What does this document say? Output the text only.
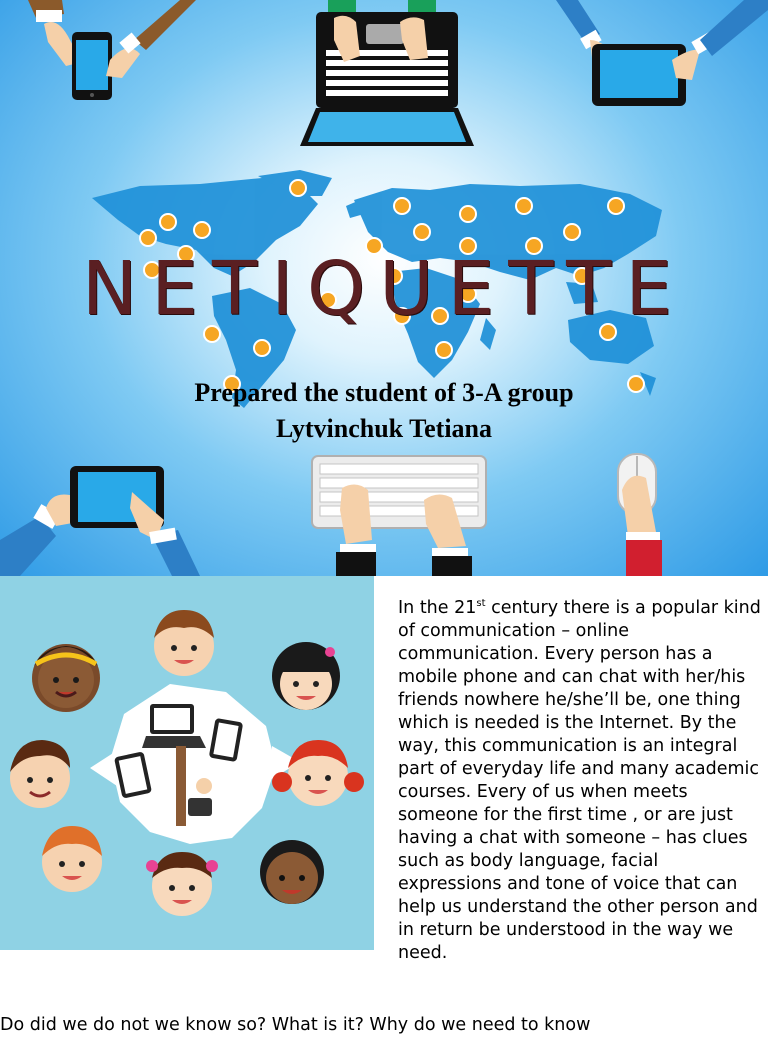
NETIQUETTE
Prepared the student of 3-A group
Lytvinchuk Tetiana

In the 21st century there is a popular kind of communication – online communication. Every person has a mobile phone and can chat with her/his friends nowhere he/she’ll be, one thing which is needed is the Internet. By the way, this communication is an integral part of everyday life and many academic courses. Every of us when meets someone for the first time , or are just having a chat with someone – has clues such as body language, facial expressions and tone of voice that can help us understand the other person and in return be understood in the way we need.

Do did we do not we know so? What is it? Why do we need to know
